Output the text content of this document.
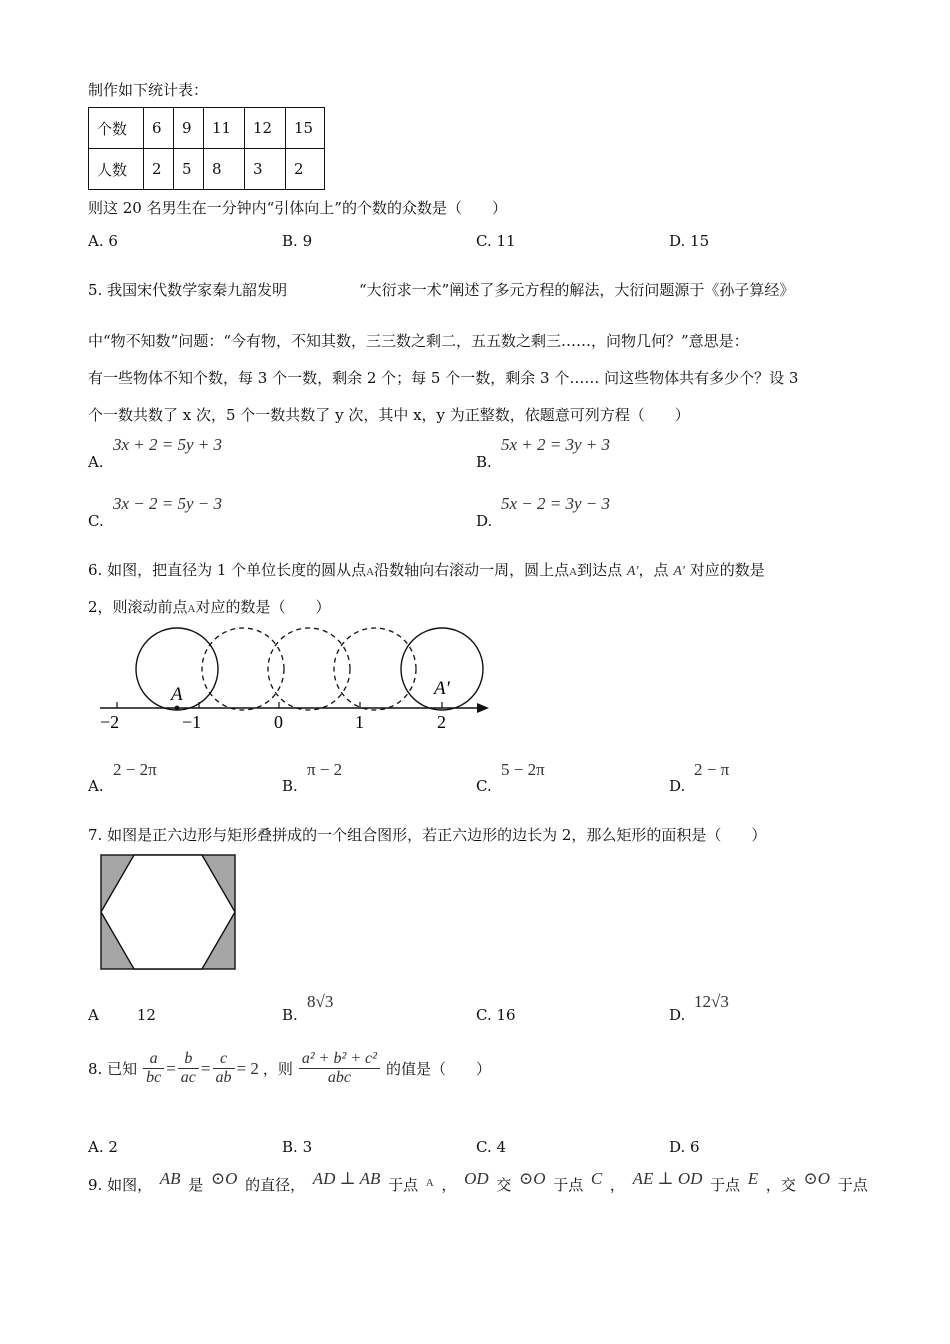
制作如下统计表：
个数	6	9	11	12	15
人数	2	5	8	3	2
则这 20 名男生在一分钟内“引体向上”的个数的众数是（　　）
A. 6	B. 9	C. 11	D. 15
5. 我国宋代数学家秦九韶发明	“大衍求一术”阐述了多元方程的解法，大衍问题源于《孙子算经》
中“物不知数”问题：“今有物，不知其数，三三数之剩二，五五数之剩三……，问物几何？”意思是：
有一些物体不知个数，每 3 个一数，剩余 2 个；每 5 个一数，剩余 3 个…… 问这些物体共有多少个？设 3
个一数共数了 x 次，5 个一数共数了 y 次，其中 x，y 为正整数，依题意可列方程（　　）
A.
3x + 2 = 5y + 3
B.
5x + 2 = 3y + 3
C.
3x − 2 = 5y − 3
D.
5x − 2 = 3y − 3
6. 如图，把直径为 1 个单位长度的圆从点A沿数轴向右滚动一周，圆上点A到达点 A′，点 A′ 对应的数是
2，则滚动前点A对应的数是（　　）
A	A′
−2	−1	0	1	2
A.
2 − 2π
B.
π − 2
C.
5 − 2π
D.
2 − π
7. 如图是正六边形与矩形叠拼成的一个组合图形，若正六边形的边长为 2，那么矩形的面积是（　　）
A	12	B.
8√3
C. 16	D.
12√3
8. 已知 $\frac{a}{bc} = \frac{b}{ac} = \frac{c}{ab} = 2$ ，则 $\frac{\text{a² + b² + c²}}{\text{abc}}$ 的值是（　　）
A. 2	B. 3	C. 4	D. 6
9. 如图， AB 是 ⊙O 的直径， AD ⊥ AB 于点 A ， OD 交 ⊙O 于点 C ， AE ⊥ OD 于点 E ，交 ⊙O 于点
